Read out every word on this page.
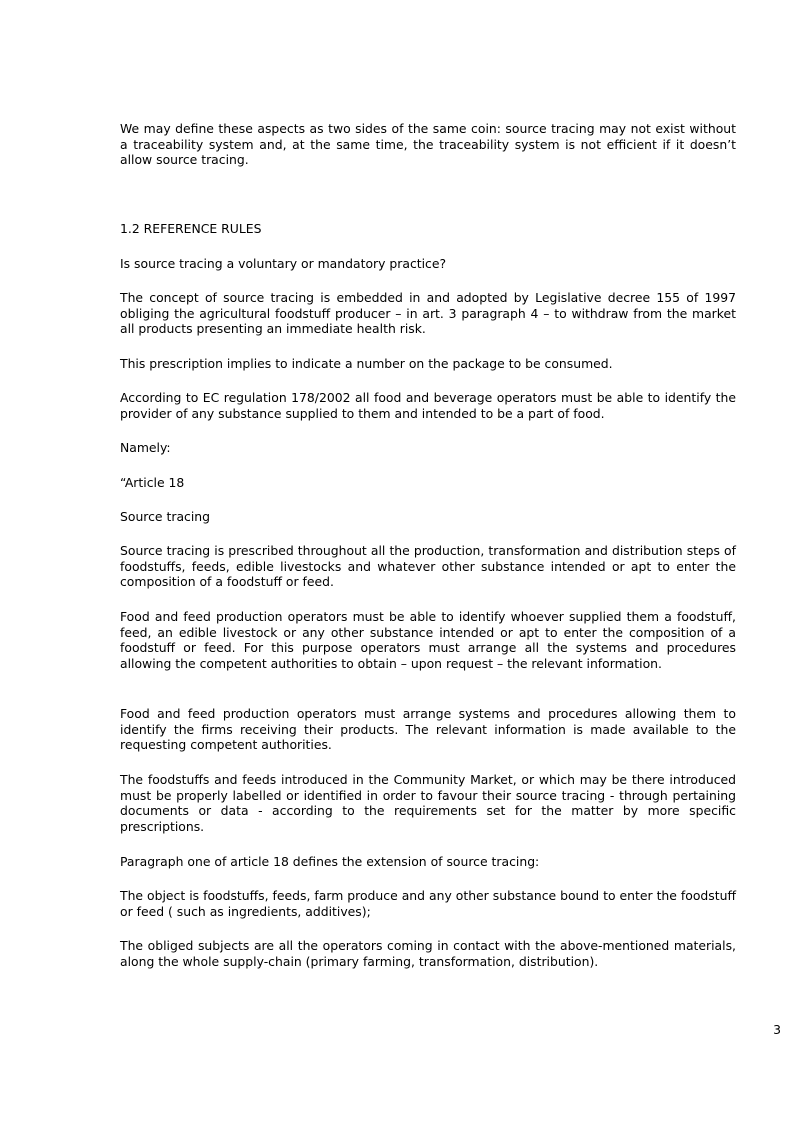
We may define these aspects as two sides of the same coin: source tracing may not exist without a traceability system and, at the same time, the traceability system is not efficient if it doesn’t allow source tracing.

1.2 REFERENCE RULES

Is source tracing a voluntary or mandatory practice?

The concept of source tracing is embedded in and adopted by Legislative decree 155 of 1997 obliging the agricultural foodstuff producer – in art. 3 paragraph 4 – to withdraw from the market all products presenting an immediate health risk.

This prescription implies to indicate a number on the package to be consumed.

According to EC regulation 178/2002 all food and beverage operators must be able to identify the provider of any substance supplied to them and intended to be a part of food.

Namely:

“Article 18

Source tracing

Source tracing is prescribed throughout all the production, transformation and distribution steps of foodstuffs, feeds, edible livestocks and whatever other substance intended or apt to enter the composition of a foodstuff or feed.

Food and feed production operators must be able to identify whoever supplied them a foodstuff, feed, an edible livestock or any other substance intended or apt to enter the composition of a foodstuff or feed. For this purpose operators must arrange all the systems and procedures allowing the competent authorities to obtain – upon request – the relevant information.

Food and feed production operators must arrange systems and procedures allowing them to identify the firms receiving their products. The relevant information is made available to the requesting competent authorities.

The foodstuffs and feeds introduced in the Community Market, or which may be there introduced must be properly labelled or identified in order to favour their source tracing - through pertaining documents or data - according to the requirements set for the matter by more specific prescriptions.

Paragraph one of article 18 defines the extension of source tracing:

The object is foodstuffs, feeds, farm produce and any other substance bound to enter the foodstuff or feed ( such as ingredients, additives);

The obliged subjects are all the operators coming in contact with the above-mentioned materials, along the whole supply-chain (primary farming, transformation, distribution).

3
